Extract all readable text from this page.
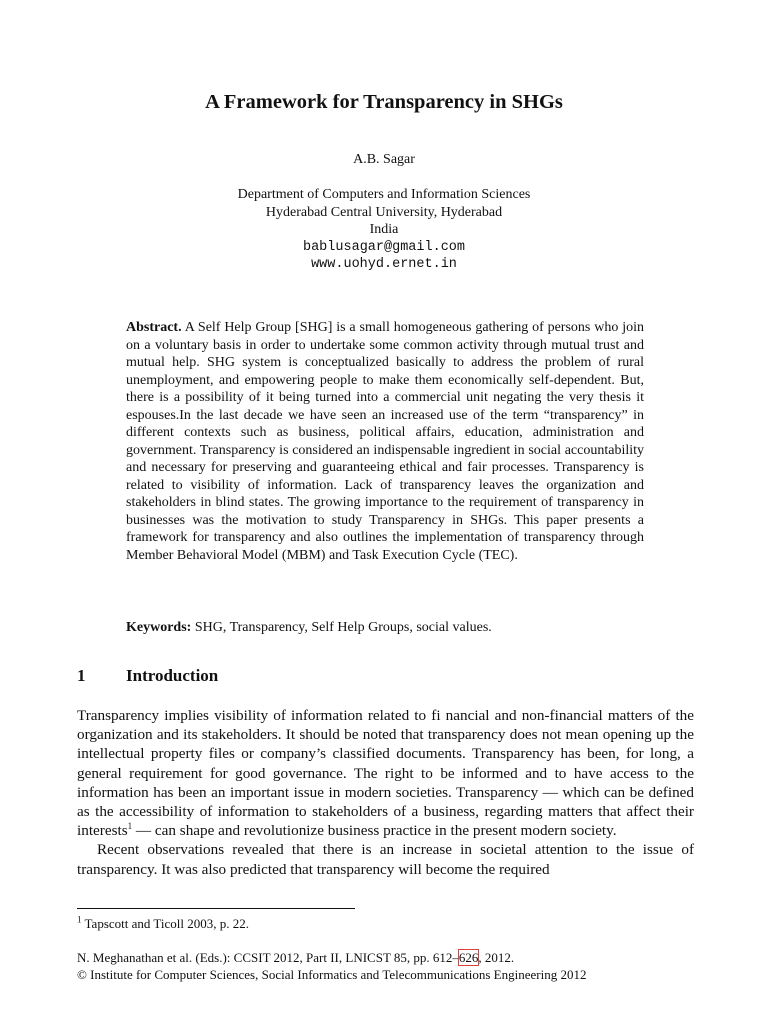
A Framework for Transparency in SHGs
A.B. Sagar
Department of Computers and Information Sciences
Hyderabad Central University, Hyderabad
India
bablusagar@gmail.com
www.uohyd.ernet.in
Abstract. A Self Help Group [SHG] is a small homogeneous gathering of persons who join on a voluntary basis in order to undertake some common activity through mutual trust and mutual help. SHG system is conceptualized basically to address the problem of rural unemployment, and empowering people to make them economically self-dependent. But, there is a possibility of it being turned into a commercial unit negating the very thesis it espouses.In the last decade we have seen an increased use of the term “transparency” in different contexts such as business, political affairs, education, administration and government. Transparency is considered an indispensable ingredient in social accountability and necessary for preserving and guaranteeing ethical and fair processes. Transparency is related to visibility of information. Lack of transparency leaves the organization and stakeholders in blind states. The growing importance to the requirement of transparency in businesses was the motivation to study Transparency in SHGs. This paper presents a framework for transparency and also outlines the implementation of transparency through Member Behavioral Model (MBM) and Task Execution Cycle (TEC).
Keywords: SHG, Transparency, Self Help Groups, social values.
1 Introduction

Transparency implies visibility of information related to fi nancial and non-financial matters of the organization and its stakeholders. It should be noted that transparency does not mean opening up the intellectual property files or company’s classified documents. Transparency has been, for long, a general requirement for good governance. The right to be informed and to have access to the information has been an important issue in modern societies. Transparency — which can be defined as the accessibility of information to stakeholders of a business, regarding matters that affect their interests$^1$ — can shape and revolutionize business practice in the present modern society.

Recent observations revealed that there is an increase in societal attention to the issue of transparency. It was also predicted that transparency will become the required

$^1$ Tapscott and Ticoll 2003, p. 22.
N. Meghanathan et al. (Eds.): CCSIT 2012, Part II, LNICST 85, pp. 612–626, 2012.
© Institute for Computer Sciences, Social Informatics and Telecommunications Engineering 2012
